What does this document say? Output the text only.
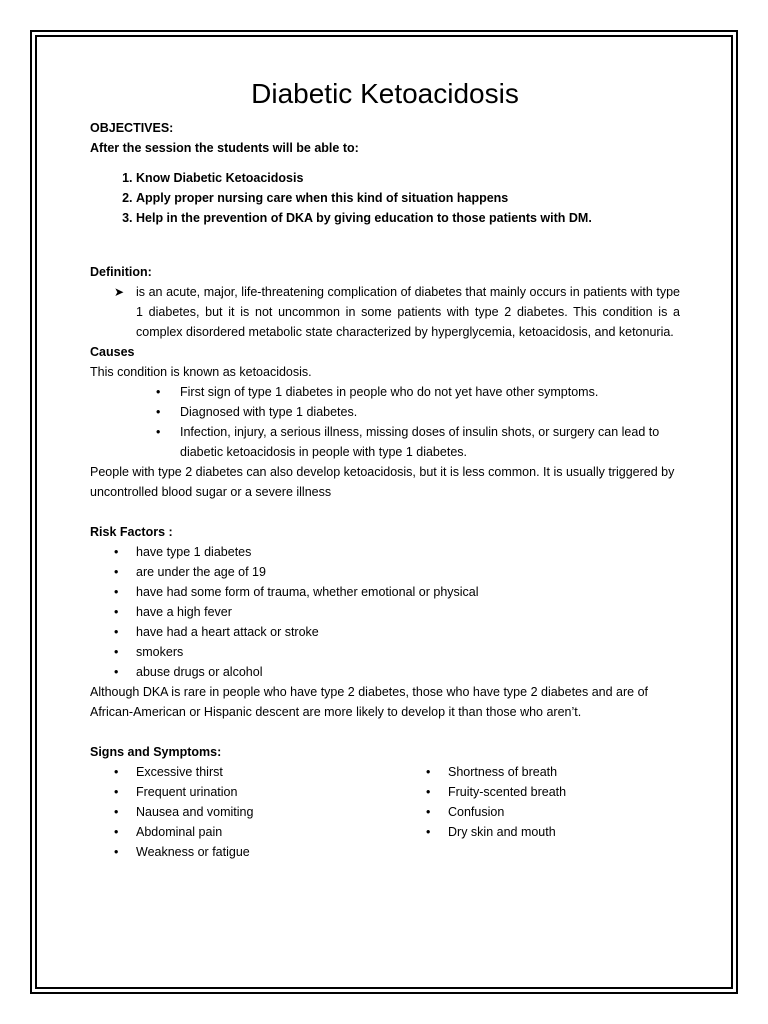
Diabetic Ketoacidosis

OBJECTIVES:

After the session the students will be able to:

1. Know Diabetic Ketoacidosis
2. Apply proper nursing care when this kind of situation happens
3. Help in the prevention of DKA by giving education to those patients with DM.

Definition:

➤ is an acute, major, life-threatening complication of diabetes that mainly occurs in patients with type 1 diabetes, but it is not uncommon in some patients with type 2 diabetes. This condition is a complex disordered metabolic state characterized by hyperglycemia, ketoacidosis, and ketonuria.

Causes

This condition is known as ketoacidosis.

•	First sign of type 1 diabetes in people who do not yet have other symptoms.
•	Diagnosed with type 1 diabetes.
•	Infection, injury, a serious illness, missing doses of insulin shots, or surgery can lead to diabetic ketoacidosis in people with type 1 diabetes.

People with type 2 diabetes can also develop ketoacidosis, but it is less common. It is usually triggered by uncontrolled blood sugar or a severe illness

Risk Factors :

•	have type 1 diabetes
•	are under the age of 19
•	have had some form of trauma, whether emotional or physical
•	have a high fever
•	have had a heart attack or stroke
•	smokers
•	abuse drugs or alcohol

Although DKA is rare in people who have type 2 diabetes, those who have type 2 diabetes and are of African-American or Hispanic descent are more likely to develop it than those who aren’t.

Signs and Symptoms:

•	Excessive thirst
•	Frequent urination
•	Nausea and vomiting
•	Abdominal pain
•	Weakness or fatigue
•	Shortness of breath
•	Fruity-scented breath
•	Confusion
•	Dry skin and mouth
